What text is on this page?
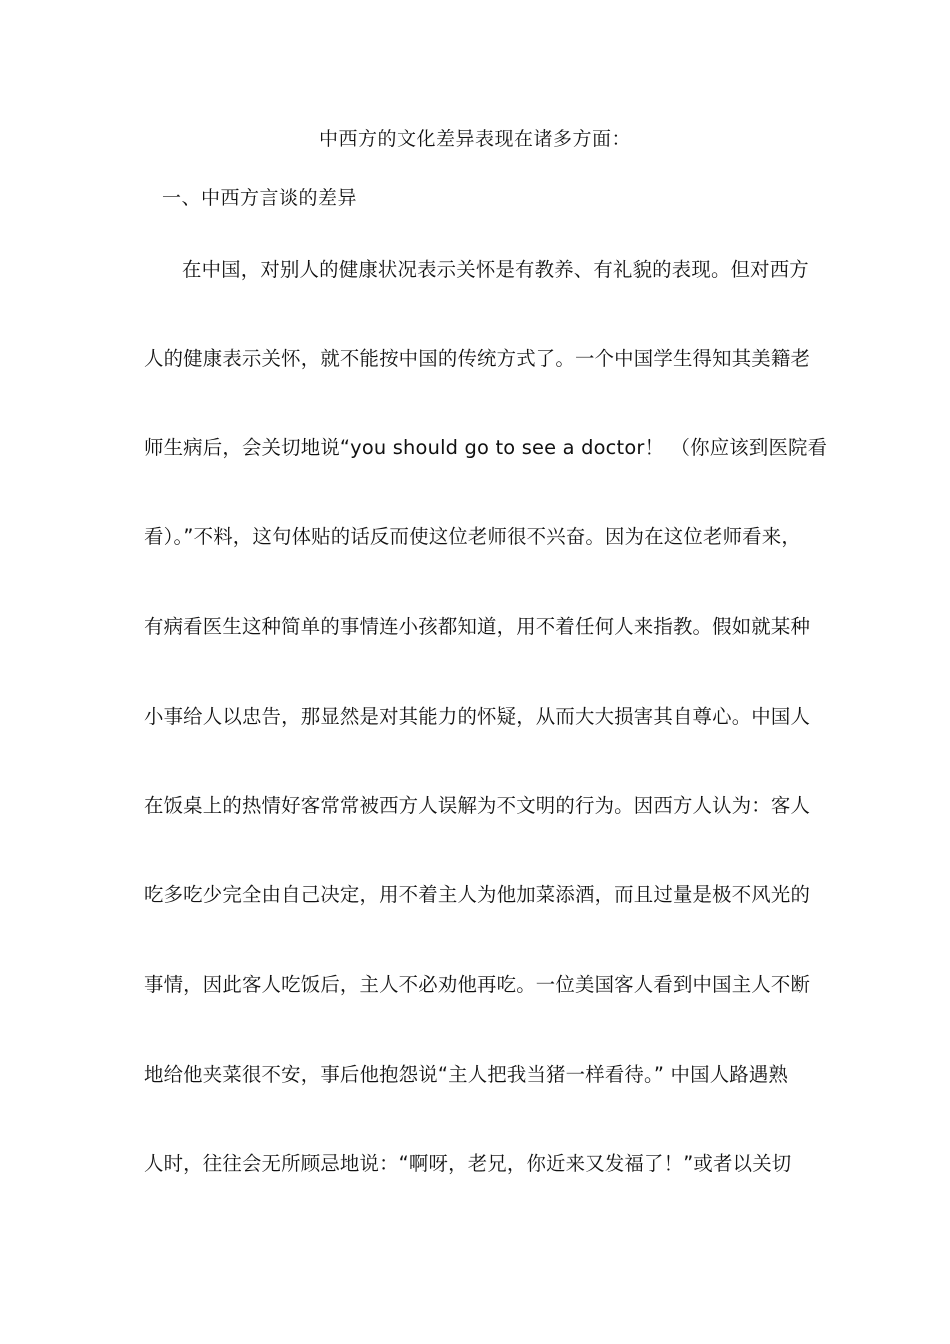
中西方的文化差异表现在诸多方面：
一、中西方言谈的差异
在中国，对别人的健康状况表示关怀是有教养、有礼貌的表现。但对西方
人的健康表示关怀，就不能按中国的传统方式了。一个中国学生得知其美籍老
师生病后，会关切地说“you should go to see a doctor！ （你应该到医院看
看）。”不料，这句体贴的话反而使这位老师很不兴奋。因为在这位老师看来，
有病看医生这种简单的事情连小孩都知道，用不着任何人来指教。假如就某种
小事给人以忠告，那显然是对其能力的怀疑，从而大大损害其自尊心。中国人
在饭桌上的热情好客常常被西方人误解为不文明的行为。因西方人认为：客人
吃多吃少完全由自己决定，用不着主人为他加菜添酒，而且过量是极不风光的
事情，因此客人吃饭后，主人不必劝他再吃。一位美国客人看到中国主人不断
地给他夹菜很不安，事后他抱怨说“主人把我当猪一样看待。” 中国人路遇熟
人时，往往会无所顾忌地说：“啊呀，老兄，你近来又发福了！”或者以关切
